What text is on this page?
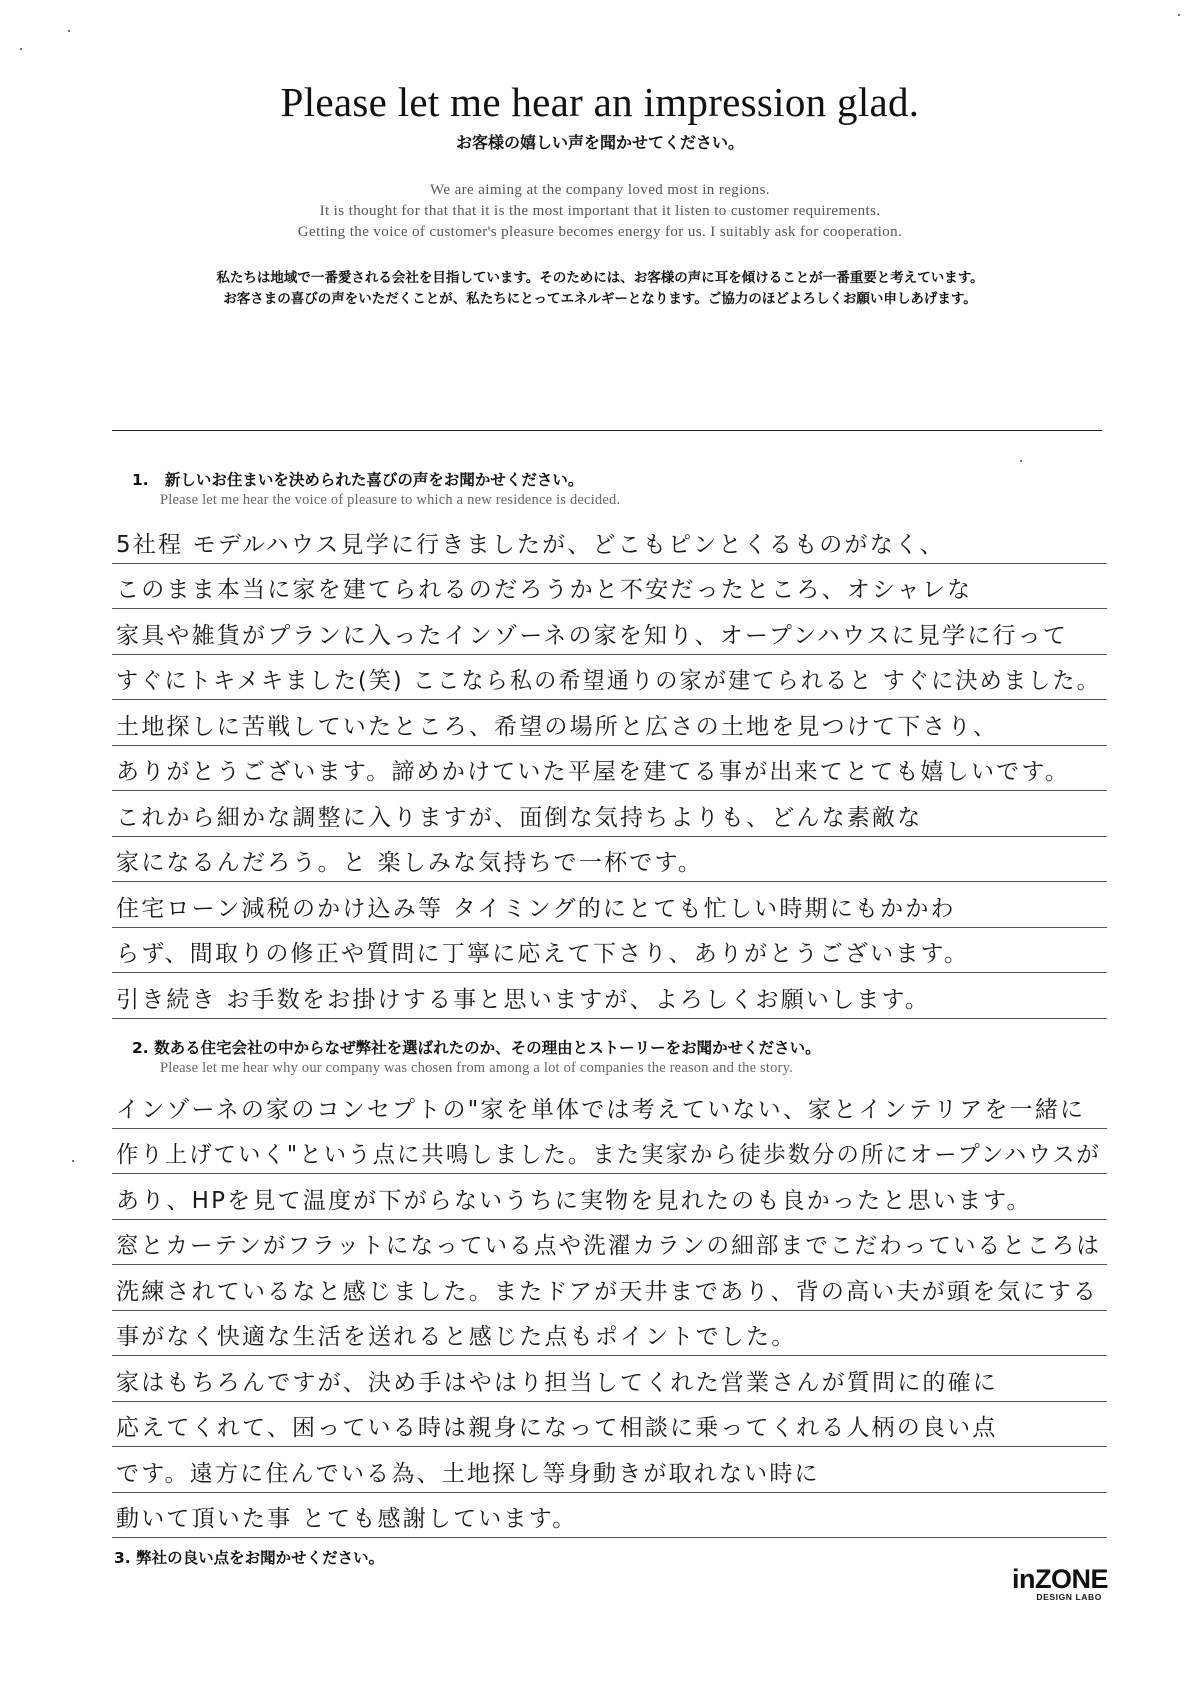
Please let me hear an impression glad.
お客様の嬉しい声を聞かせてください。
We are aiming at the company loved most in regions.
It is thought for that that it is the most important that it listen to customer requirements.
Getting the voice of customer's pleasure becomes energy for us. I suitably ask for cooperation.
私たちは地域で一番愛される会社を目指しています。そのためには、お客様の声に耳を傾けることが一番重要と考えています。
お客さまの喜びの声をいただくことが、私たちにとってエネルギーとなります。ご協力のほどよろしくお願い申しあげます。
1. 新しいお住まいを決められた喜びの声をお聞かせください。
Please let me hear the voice of pleasure to which a new residence is decided.
5社程 モデルハウス見学に行きましたが、どこもピンとくるものがなく、
このまま本当に家を建てられるのだろうかと不安だったところ、オシャレな
家具や雑貨がプランに入ったインゾーネの家を知り、オープンハウスに見学に行って
すぐにトキメキました(笑) ここなら私の希望通りの家が建てられると すぐに決めました。
土地探しに苦戦していたところ、希望の場所と広さの土地を見つけて下さり、
ありがとうございます。諦めかけていた平屋を建てる事が出来てとても嬉しいです。
これから細かな調整に入りますが、面倒な気持ちよりも、どんな素敵な
家になるんだろう。と 楽しみな気持ちで一杯です。
住宅ローン減税のかけ込み等 タイミング的にとても忙しい時期にもかかわ
らず、間取りの修正や質問に丁寧に応えて下さり、ありがとうございます。
引き続き お手数をお掛けする事と思いますが、よろしくお願いします。
2. 数ある住宅会社の中からなぜ弊社を選ばれたのか、その理由とストーリーをお聞かせください。
Please let me hear why our company was chosen from among a lot of companies the reason and the story.
インゾーネの家のコンセプトの"家を単体では考えていない、家とインテリアを一緒に
作り上げていく"という点に共鳴しました。また実家から徒歩数分の所にオープンハウスが
あり、HPを見て温度が下がらないうちに実物を見れたのも良かったと思います。
窓とカーテンがフラットになっている点や洗濯カランの細部までこだわっているところは
洗練されているなと感じました。またドアが天井まであり、背の高い夫が頭を気にする
事がなく快適な生活を送れると感じた点もポイントでした。
家はもちろんですが、決め手はやはり担当してくれた営業さんが質問に的確に
応えてくれて、困っている時は親身になって相談に乗ってくれる人柄の良い点
です。遠方に住んでいる為、土地探し等身動きが取れない時に
動いて頂いた事 とても感謝しています。
3. 弊社の良い点をお聞かせください。
inZONE
DESIGN LABO
